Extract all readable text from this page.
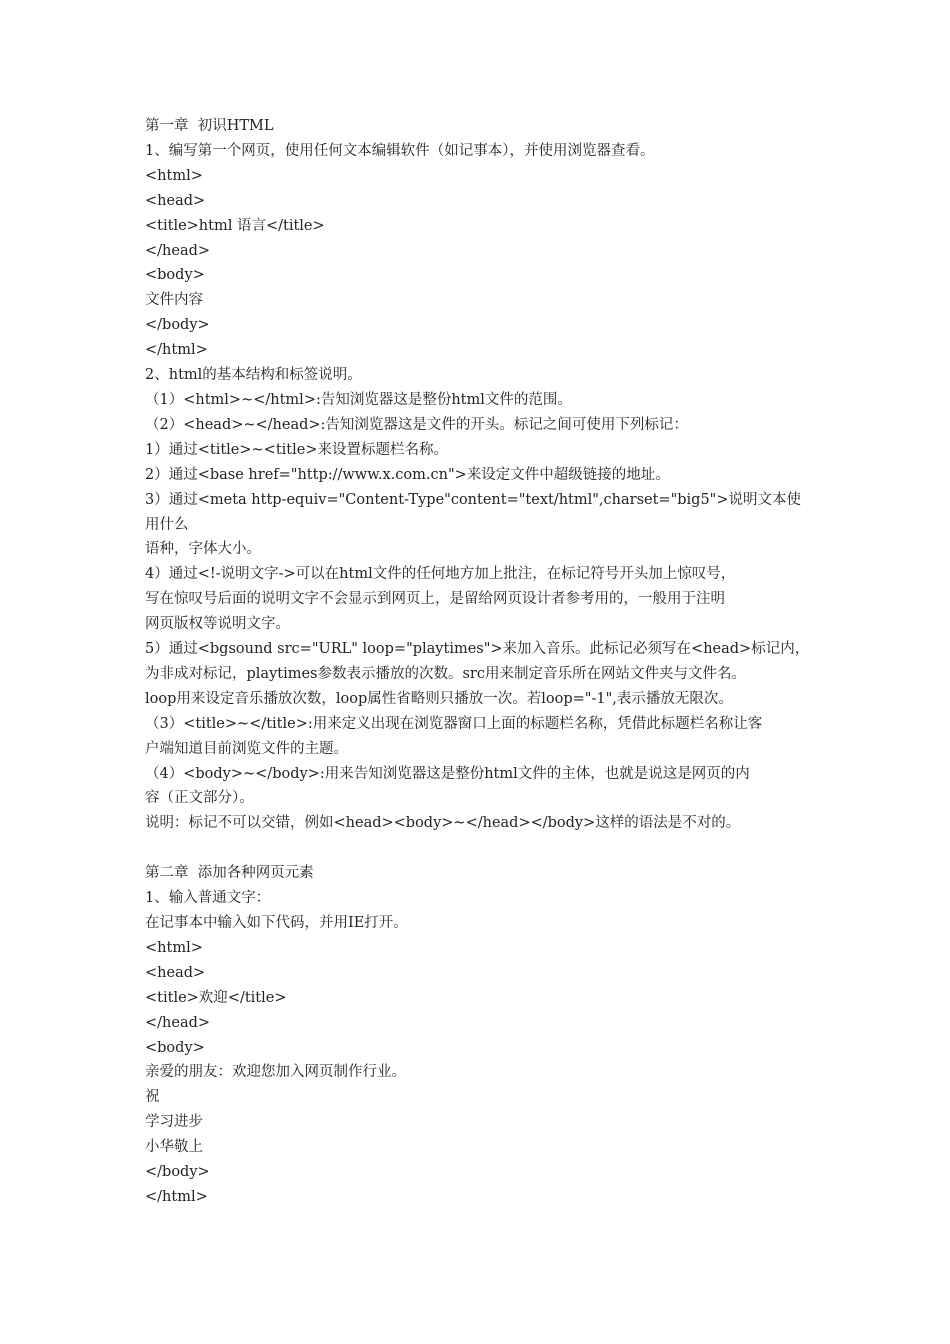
第一章  初识HTML
1、编写第一个网页，使用任何文本编辑软件（如记事本），并使用浏览器查看。
<html>
<head>
<title>html 语言</title>
</head>
<body>
文件内容
</body>
</html>
2、html的基本结构和标签说明。
（1）<html>~</html>:告知浏览器这是整份html文件的范围。
（2）<head>~</head>:告知浏览器这是文件的开头。标记之间可使用下列标记：
1）通过<title>~<title>来设置标题栏名称。
2）通过<base href="http://www.x.com.cn">来设定文件中超级链接的地址。
3）通过<meta http-equiv="Content-Type"content="text/html",charset="big5">说明文本使用什么
语种，字体大小。
4）通过<!-说明文字->可以在html文件的任何地方加上批注，在标记符号开头加上惊叹号，
写在惊叹号后面的说明文字不会显示到网页上，是留给网页设计者参考用的，一般用于注明
网页版权等说明文字。
5）通过<bgsound src="URL" loop="playtimes">来加入音乐。此标记必须写在<head>标记内，
为非成对标记，playtimes参数表示播放的次数。src用来制定音乐所在网站文件夹与文件名。
loop用来设定音乐播放次数，loop属性省略则只播放一次。若loop="-1",表示播放无限次。
（3）<title>~</title>:用来定义出现在浏览器窗口上面的标题栏名称，凭借此标题栏名称让客
户端知道目前浏览文件的主题。
（4）<body>~</body>:用来告知浏览器这是整份html文件的主体，也就是说这是网页的内
容（正文部分）。
说明：标记不可以交错，例如<head><body>~</head></body>这样的语法是不对的。
第二章  添加各种网页元素
1、输入普通文字：
在记事本中输入如下代码，并用IE打开。
<html>
<head>
<title>欢迎</title>
</head>
<body>
亲爱的朋友：欢迎您加入网页制作行业。
祝
学习进步
小华敬上
</body>
</html>
